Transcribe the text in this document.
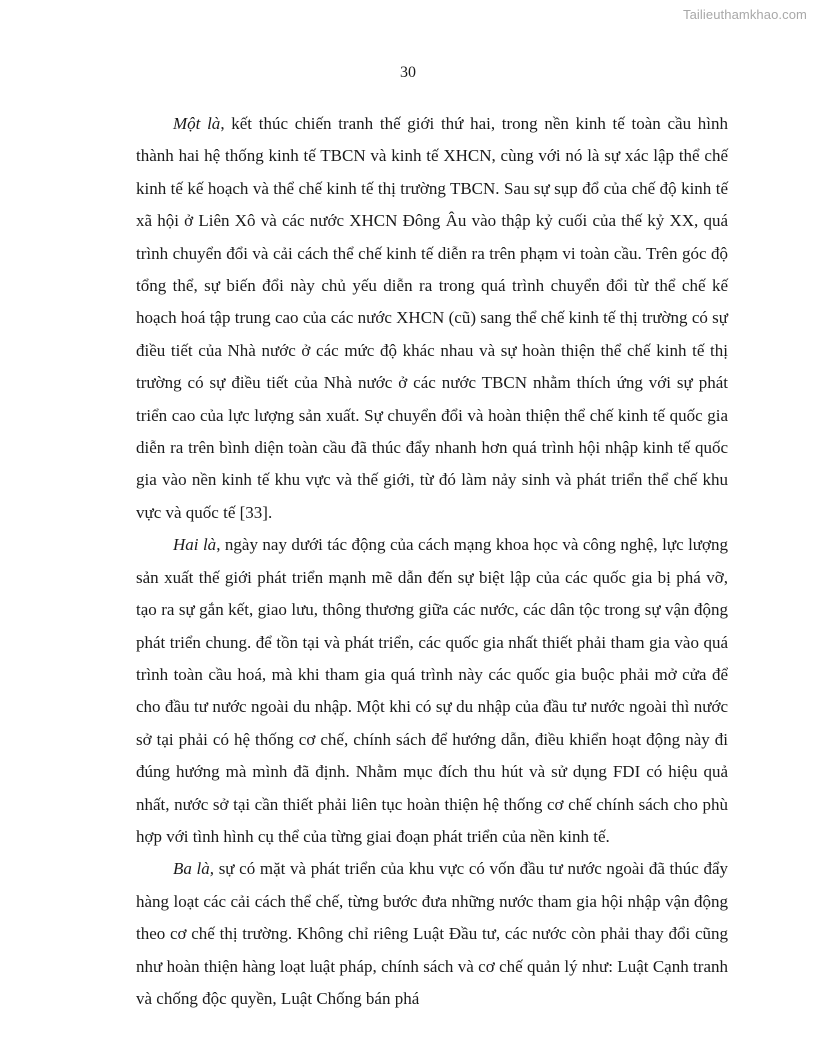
Tailieuthamkhao.com
30

Một là, kết thúc chiến tranh thế giới thứ hai, trong nền kinh tế toàn cầu hình thành hai hệ thống kinh tế TBCN và kinh tế XHCN, cùng với nó là sự xác lập thể chế kinh tế kế hoạch và thể chế kinh tế thị trường TBCN. Sau sự sụp đổ của chế độ kinh tế xã hội ở Liên Xô và các nước XHCN Đông Âu vào thập kỷ cuối của thế kỷ XX, quá trình chuyển đổi và cải cách thể chế kinh tế diễn ra trên phạm vi toàn cầu. Trên góc độ tổng thể, sự biến đổi này chủ yếu diễn ra trong quá trình chuyển đổi từ thể chế kế hoạch hoá tập trung cao của các nước XHCN (cũ) sang thể chế kinh tế thị trường có sự điều tiết của Nhà nước ở các mức độ khác nhau và sự hoàn thiện thể chế kinh tế thị trường có sự điều tiết của Nhà nước ở các nước TBCN nhằm thích ứng với sự phát triển cao của lực lượng sản xuất. Sự chuyển đổi và hoàn thiện thể chế kinh tế quốc gia diễn ra trên bình diện toàn cầu đã thúc đẩy nhanh hơn quá trình hội nhập kinh tế quốc gia vào nền kinh tế khu vực và thế giới, từ đó làm nảy sinh và phát triển thể chế khu vực và quốc tế [33].

Hai là, ngày nay dưới tác động của cách mạng khoa học và công nghệ, lực lượng sản xuất thế giới phát triển mạnh mẽ dẫn đến sự biệt lập của các quốc gia bị phá vỡ, tạo ra sự gắn kết, giao lưu, thông thương giữa các nước, các dân tộc trong sự vận động phát triển chung. để tồn tại và phát triển, các quốc gia nhất thiết phải tham gia vào quá trình toàn cầu hoá, mà khi tham gia quá trình này các quốc gia buộc phải mở cửa để cho đầu tư nước ngoài du nhập. Một khi có sự du nhập của đầu tư nước ngoài thì nước sở tại phải có hệ thống cơ chế, chính sách để hướng dẫn, điều khiển hoạt động này đi đúng hướng mà mình đã định. Nhằm mục đích thu hút và sử dụng FDI có hiệu quả nhất, nước sở tại cần thiết phải liên tục hoàn thiện hệ thống cơ chế chính sách cho phù hợp với tình hình cụ thể của từng giai đoạn phát triển của nền kinh tế.

Ba là, sự có mặt và phát triển của khu vực có vốn đầu tư nước ngoài đã thúc đẩy hàng loạt các cải cách thể chế, từng bước đưa những nước tham gia hội nhập vận động theo cơ chế thị trường. Không chỉ riêng Luật Đầu tư, các nước còn phải thay đổi cũng như hoàn thiện hàng loạt luật pháp, chính sách và cơ chế quản lý như: Luật Cạnh tranh và chống độc quyền, Luật Chống bán phá
